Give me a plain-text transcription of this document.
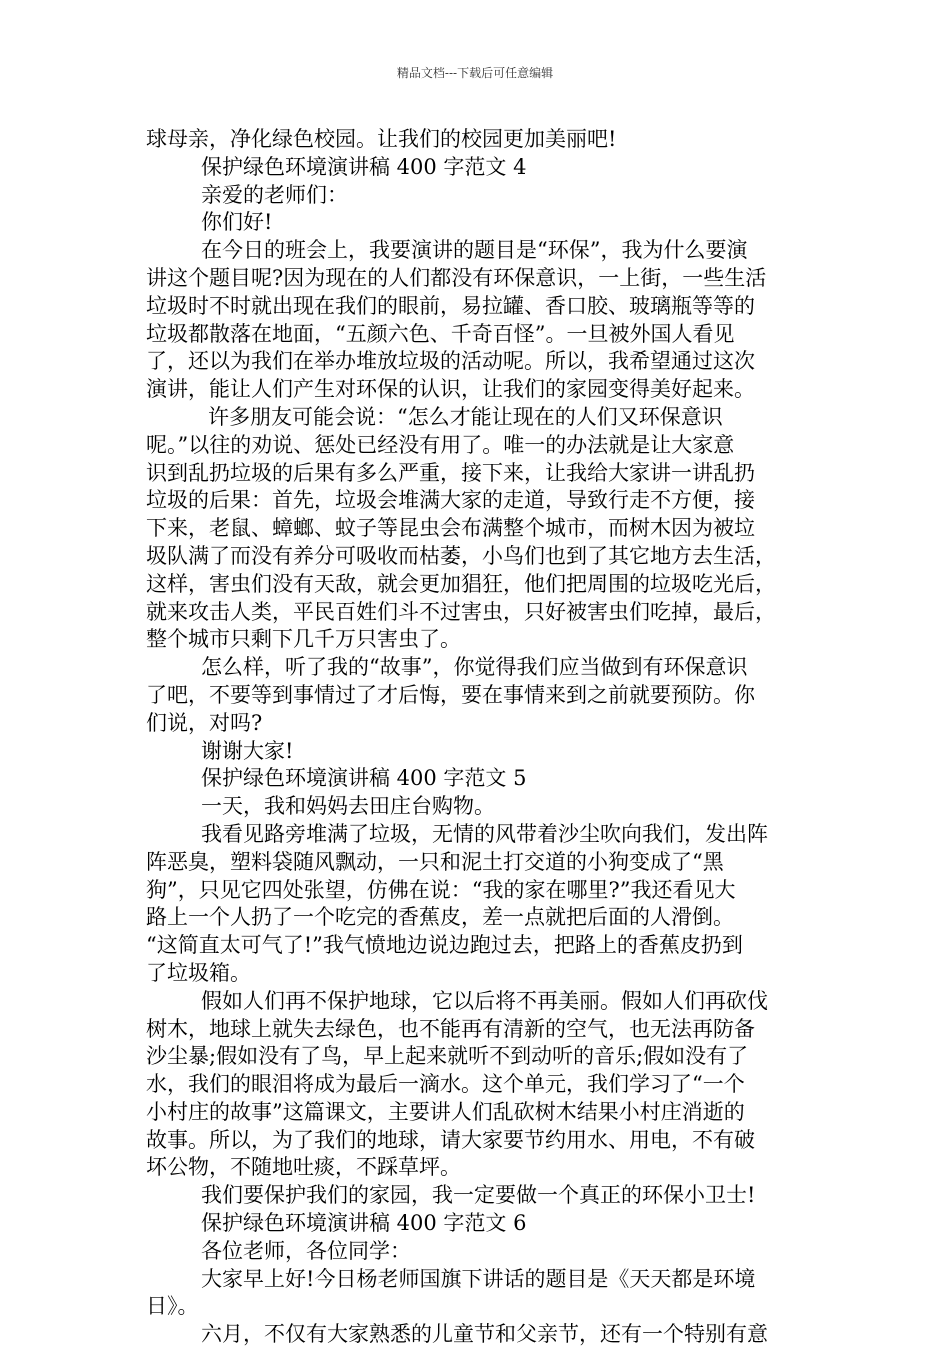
精品文档---下载后可任意编辑
球母亲，净化绿色校园。让我们的校园更加美丽吧!
保护绿色环境演讲稿 400 字范文 4
亲爱的老师们：
你们好!
在今日的班会上，我要演讲的题目是“环保”，我为什么要演
讲这个题目呢?因为现在的人们都没有环保意识，一上街，一些生活
垃圾时不时就出现在我们的眼前，易拉罐、香口胶、玻璃瓶等等的
垃圾都散落在地面，“五颜六色、千奇百怪”。一旦被外国人看见
了，还以为我们在举办堆放垃圾的活动呢。所以，我希望通过这次
演讲，能让人们产生对环保的认识，让我们的家园变得美好起来。
许多朋友可能会说：“怎么才能让现在的人们又环保意识
呢。”以往的劝说、惩处已经没有用了。唯一的办法就是让大家意
识到乱扔垃圾的后果有多么严重，接下来，让我给大家讲一讲乱扔
垃圾的后果：首先，垃圾会堆满大家的走道，导致行走不方便，接
下来，老鼠、蟑螂、蚊子等昆虫会布满整个城市，而树木因为被垃
圾队满了而没有养分可吸收而枯萎，小鸟们也到了其它地方去生活，
这样，害虫们没有天敌，就会更加猖狂，他们把周围的垃圾吃光后，
就来攻击人类，平民百姓们斗不过害虫，只好被害虫们吃掉，最后，
整个城市只剩下几千万只害虫了。
怎么样，听了我的“故事”，你觉得我们应当做到有环保意识
了吧，不要等到事情过了才后悔，要在事情来到之前就要预防。你
们说，对吗?
谢谢大家!
保护绿色环境演讲稿 400 字范文 5
一天，我和妈妈去田庄台购物。
我看见路旁堆满了垃圾，无情的风带着沙尘吹向我们，发出阵
阵恶臭，塑料袋随风飘动，一只和泥土打交道的小狗变成了“黑
狗”，只见它四处张望，仿佛在说：“我的家在哪里?”我还看见大
路上一个人扔了一个吃完的香蕉皮，差一点就把后面的人滑倒。
“这简直太可气了!”我气愤地边说边跑过去，把路上的香蕉皮扔到
了垃圾箱。
假如人们再不保护地球，它以后将不再美丽。假如人们再砍伐
树木，地球上就失去绿色，也不能再有清新的空气，也无法再防备
沙尘暴;假如没有了鸟，早上起来就听不到动听的音乐;假如没有了
水，我们的眼泪将成为最后一滴水。这个单元，我们学习了“一个
小村庄的故事”这篇课文，主要讲人们乱砍树木结果小村庄消逝的
故事。所以，为了我们的地球，请大家要节约用水、用电，不有破
坏公物，不随地吐痰，不踩草坪。
我们要保护我们的家园，我一定要做一个真正的环保小卫士!
保护绿色环境演讲稿 400 字范文 6
各位老师，各位同学：
大家早上好!今日杨老师国旗下讲话的题目是《天天都是环境
日》。
六月，不仅有大家熟悉的儿童节和父亲节，还有一个特别有意
